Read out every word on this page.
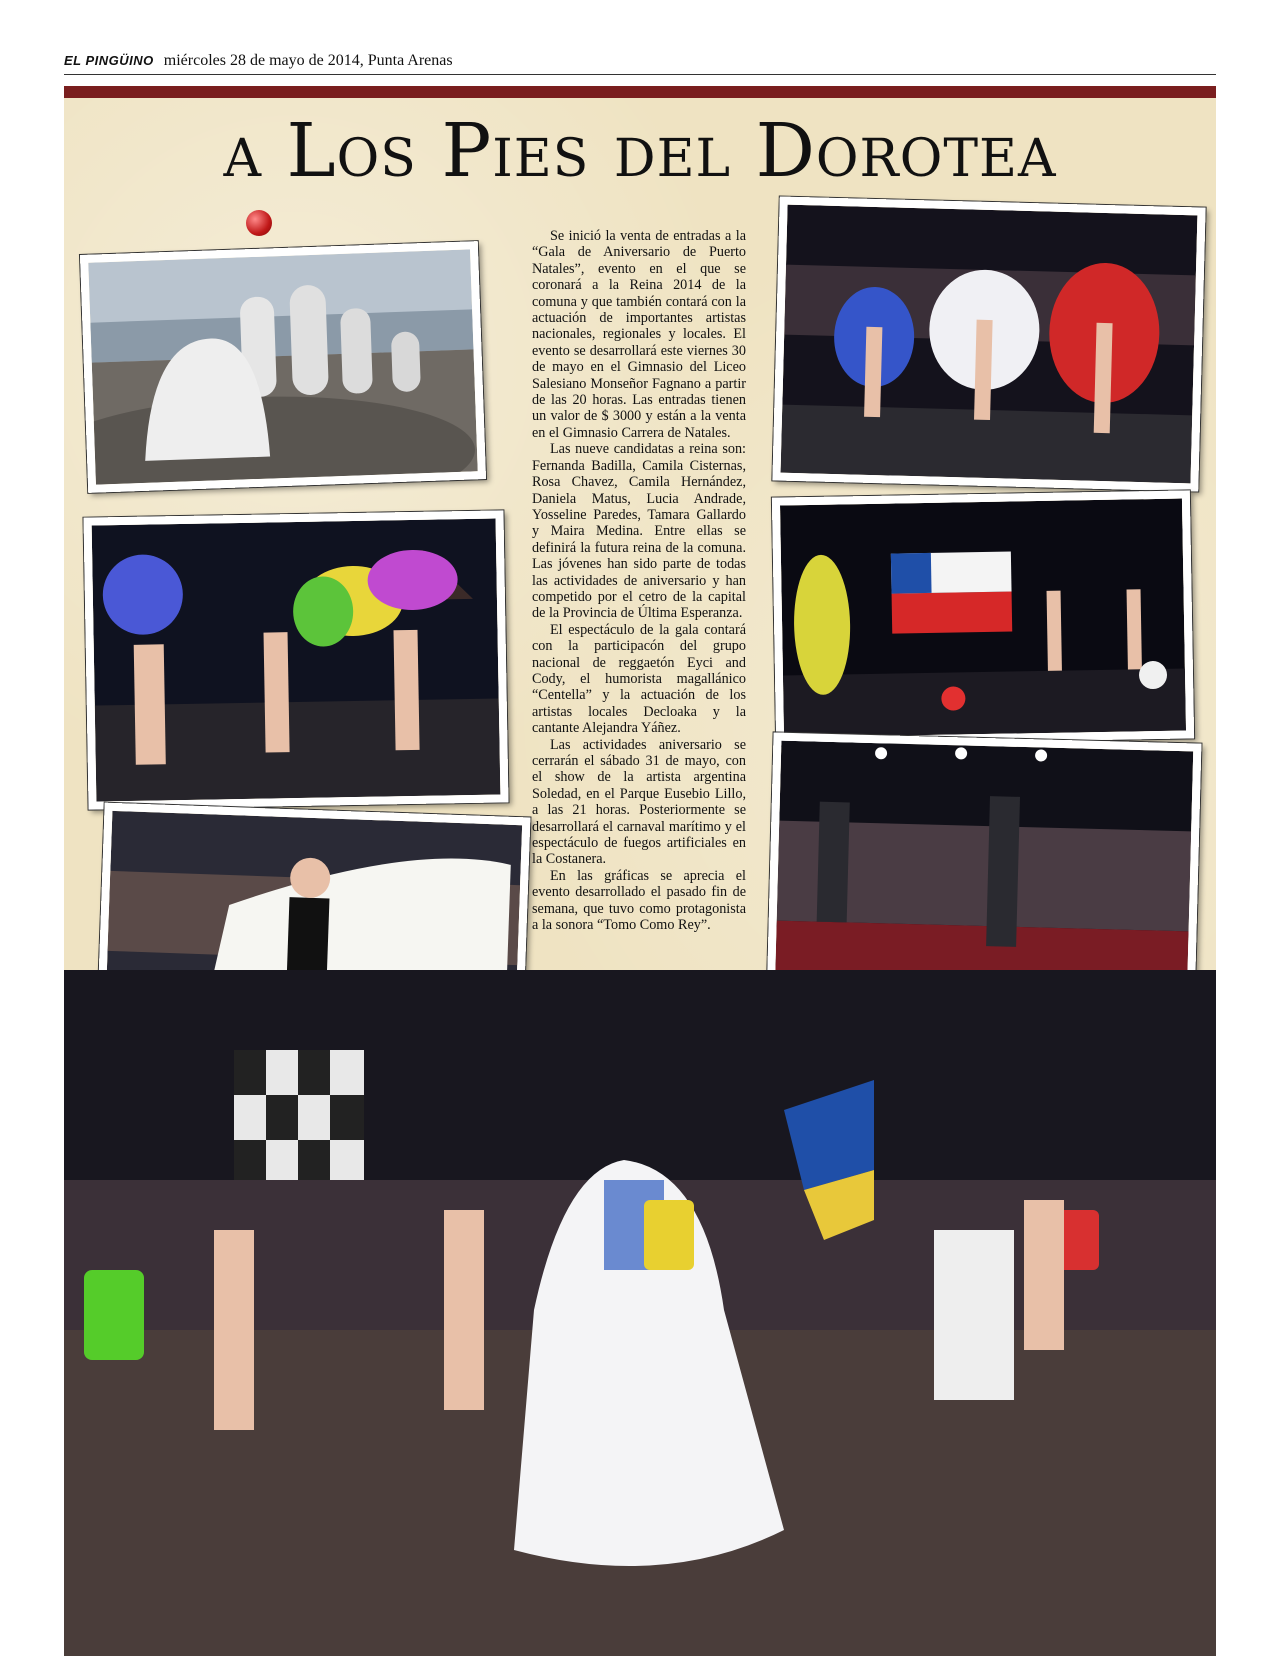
EL PINGÜINO miércoles 28 de mayo de 2014, Punta Arenas
a Los Pies del Dorotea

Se inició la venta de entradas a la “Gala de Aniversario de Puerto Natales”, evento en el que se coronará a la Reina 2014 de la comuna y que también contará con la actuación de importantes artistas nacionales, regionales y locales. El evento se desarrollará este viernes 30 de mayo en el Gimnasio del Liceo Salesiano Monseñor Fagnano a partir de las 20 horas. Las entradas tienen un valor de $ 3000 y están a la venta en el Gimnasio Carrera de Natales.

Las nueve candidatas a reina son: Fernanda Badilla, Camila Cisternas, Rosa Chavez, Camila Hernández, Daniela Matus, Lucia Andrade, Yosseline Paredes, Tamara Gallardo y Maira Medina. Entre ellas se definirá la futura reina de la comuna. Las jóvenes han sido parte de todas las actividades de aniversario y han competido por el cetro de la capital de la Provincia de Última Esperanza.

El espectáculo de la gala contará con la participacón del grupo nacional de reggaetón Eyci and Cody, el humorista magallánico “Centella” y la actuación de los artistas locales Decloaka y la cantante Alejandra Yáñez.

Las actividades aniversario se cerrarán el sábado 31 de mayo, con el show de la artista argentina Soledad, en el Parque Eusebio Lillo, a las 21 horas. Posteriormente se desarrollará el carnaval marítimo y el espectáculo de fuegos artificiales en la Costanera.

En las gráficas se aprecia el evento desarrollado el pasado fin de semana, que tuvo como protagonista a la sonora “Tomo Como Rey”.
